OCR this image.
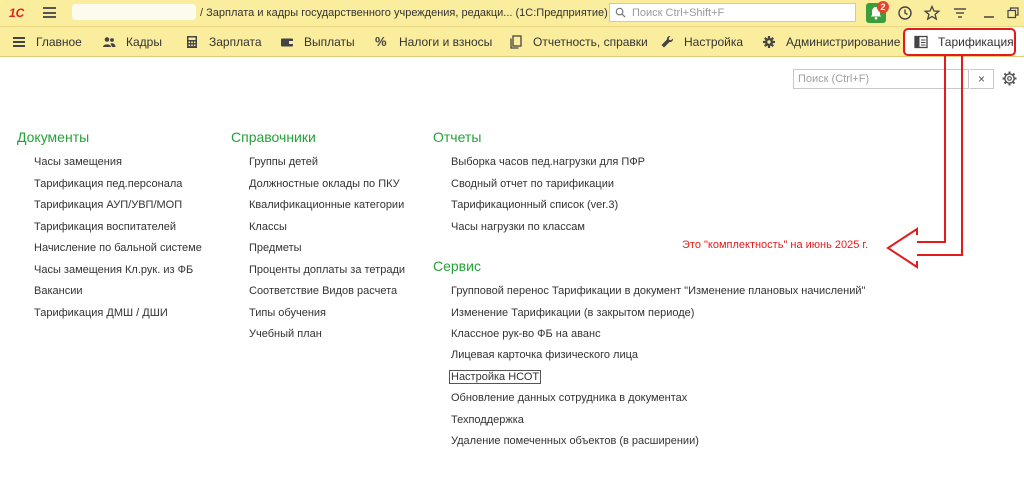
1С	/ Зарплата и кадры государственного учреждения, редакци... (1С:Предприятие) Поиск Ctrl+Shift+F	2
Главное	Кадры	Зарплата	Выплаты % Налоги и взносы	Отчетность, справки	Настройка	Администрирование	Тарификация
Поиск (Ctrl+F)	×
Документы
Часы замещения
Тарификация пед.персонала
Тарификация АУП/УВП/МОП
Тарификация воспитателей
Начисление по бальной системе
Часы замещения Кл.рук. из ФБ
Вакансии
Тарификация ДМШ / ДШИ
Справочники
Группы детей
Должностные оклады по ПКУ
Квалификационные категории
Классы
Предметы
Проценты доплаты за тетради
Соответствие Видов расчета
Типы обучения
Учебный план
Отчеты
Выборка часов пед.нагрузки для ПФР
Сводный отчет по тарификации
Тарификационный список (ver.3)
Часы нагрузки по классам
Сервис
Групповой перенос Тарификации в документ "Изменение плановых начислений"
Изменение Тарификации (в закрытом периоде)
Классное рук-во ФБ на аванс
Лицевая карточка физического лица
Настройка НСОТ
Обновление данных сотрудника в документах
Техподдержка
Удаление помеченных объектов (в расширении)
Это "комплектность" на июнь 2025 г.
